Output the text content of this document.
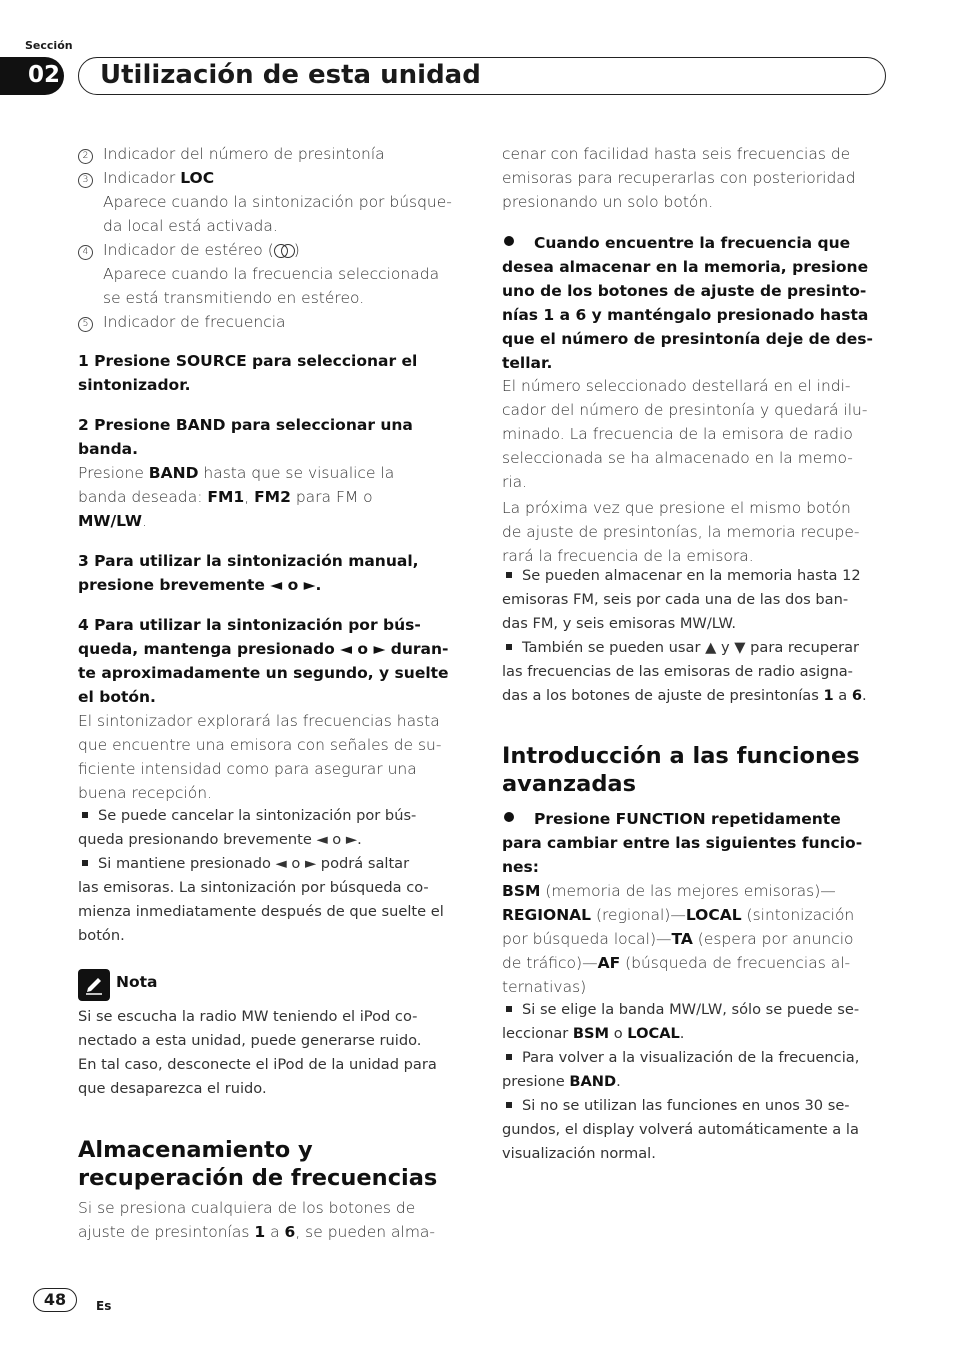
Sección
02 Utilización de esta unidad
2 Indicador del número de presintonía
3 Indicador LOC
Aparece cuando la sintonización por búsque-
da local está activada.
4 Indicador de estéreo ( )
Aparece cuando la frecuencia seleccionada
se está transmitiendo en estéreo.
5 Indicador de frecuencia
1 Presione SOURCE para seleccionar el
sintonizador.
2 Presione BAND para seleccionar una
banda.
Presione BAND hasta que se visualice la
banda deseada: FM1, FM2 para FM o
MW/LW.
3 Para utilizar la sintonización manual,
presione brevemente ◄ o ►.
4 Para utilizar la sintonización por bús-
queda, mantenga presionado ◄ o ► duran-
te aproximadamente un segundo, y suelte
el botón.
El sintonizador explorará las frecuencias hasta
que encuentre una emisora con señales de su-
ficiente intensidad como para asegurar una
buena recepción.
Se puede cancelar la sintonización por bús-
queda presionando brevemente ◄ o ►.
Si mantiene presionado ◄ o ► podrá saltar
las emisoras. La sintonización por búsqueda co-
mienza inmediatamente después de que suelte el
botón.
Nota
Si se escucha la radio MW teniendo el iPod co-
nectado a esta unidad, puede generarse ruido.
En tal caso, desconecte el iPod de la unidad para
que desaparezca el ruido.
Almacenamiento y
recuperación de frecuencias
Si se presiona cualquiera de los botones de
ajuste de presintonías 1 a 6, se pueden alma-
cenar con facilidad hasta seis frecuencias de
emisoras para recuperarlas con posterioridad
presionando un solo botón.
Cuando encuentre la frecuencia que
desea almacenar en la memoria, presione
uno de los botones de ajuste de presinto-
nías 1 a 6 y manténgalo presionado hasta
que el número de presintonía deje de des-
tellar.
El número seleccionado destellará en el indi-
cador del número de presintonía y quedará ilu-
minado. La frecuencia de la emisora de radio
seleccionada se ha almacenado en la memo-
ria.
La próxima vez que presione el mismo botón
de ajuste de presintonías, la memoria recupe-
rará la frecuencia de la emisora.
Se pueden almacenar en la memoria hasta 12
emisoras FM, seis por cada una de las dos ban-
das FM, y seis emisoras MW/LW.
También se pueden usar ▲ y ▼ para recuperar
las frecuencias de las emisoras de radio asigna-
das a los botones de ajuste de presintonías 1 a 6.
Introducción a las funciones
avanzadas
Presione FUNCTION repetidamente
para cambiar entre las siguientes funcio-
nes:
BSM (memoria de las mejores emisoras)—
REGIONAL (regional)—LOCAL (sintonización
por búsqueda local)—TA (espera por anuncio
de tráfico)—AF (búsqueda de frecuencias al-
ternativas)
Si se elige la banda MW/LW, sólo se puede se-
leccionar BSM o LOCAL.
Para volver a la visualización de la frecuencia,
presione BAND.
Si no se utilizan las funciones en unos 30 se-
gundos, el display volverá automáticamente a la
visualización normal.
48	Es
